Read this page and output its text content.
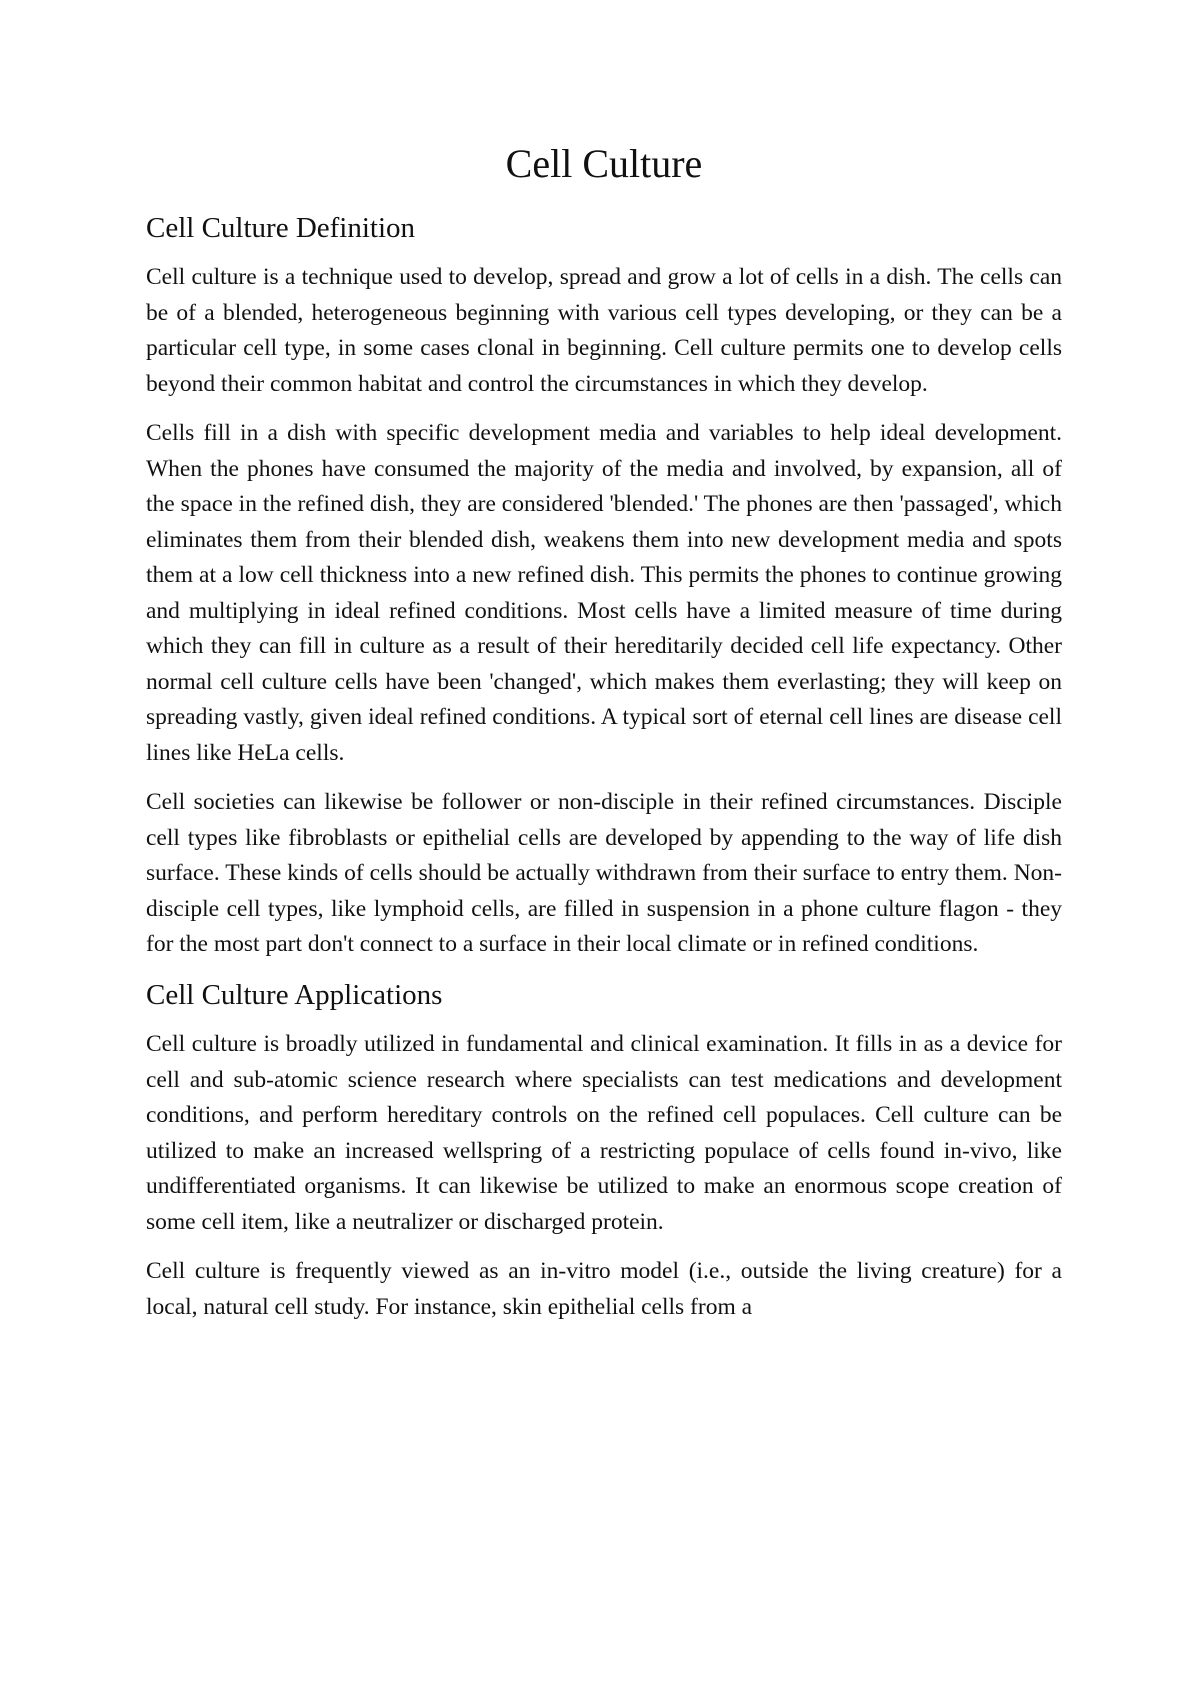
Cell Culture
Cell Culture Definition

Cell culture is a technique used to develop, spread and grow a lot of cells in a dish. The cells can be of a blended, heterogeneous beginning with various cell types developing, or they can be a particular cell type, in some cases clonal in beginning. Cell culture permits one to develop cells beyond their common habitat and control the circumstances in which they develop.

Cells fill in a dish with specific development media and variables to help ideal development. When the phones have consumed the majority of the media and involved, by expansion, all of the space in the refined dish, they are considered 'blended.' The phones are then 'passaged', which eliminates them from their blended dish, weakens them into new development media and spots them at a low cell thickness into a new refined dish. This permits the phones to continue growing and multiplying in ideal refined conditions. Most cells have a limited measure of time during which they can fill in culture as a result of their hereditarily decided cell life expectancy. Other normal cell culture cells have been 'changed', which makes them everlasting; they will keep on spreading vastly, given ideal refined conditions. A typical sort of eternal cell lines are disease cell lines like HeLa cells.

Cell societies can likewise be follower or non-disciple in their refined circumstances. Disciple cell types like fibroblasts or epithelial cells are developed by appending to the way of life dish surface. These kinds of cells should be actually withdrawn from their surface to entry them. Non-disciple cell types, like lymphoid cells, are filled in suspension in a phone culture flagon - they for the most part don't connect to a surface in their local climate or in refined conditions.

Cell Culture Applications

Cell culture is broadly utilized in fundamental and clinical examination. It fills in as a device for cell and sub-atomic science research where specialists can test medications and development conditions, and perform hereditary controls on the refined cell populaces. Cell culture can be utilized to make an increased wellspring of a restricting populace of cells found in-vivo, like undifferentiated organisms. It can likewise be utilized to make an enormous scope creation of some cell item, like a neutralizer or discharged protein.

Cell culture is frequently viewed as an in-vitro model (i.e., outside the living creature) for a local, natural cell study. For instance, skin epithelial cells from a
